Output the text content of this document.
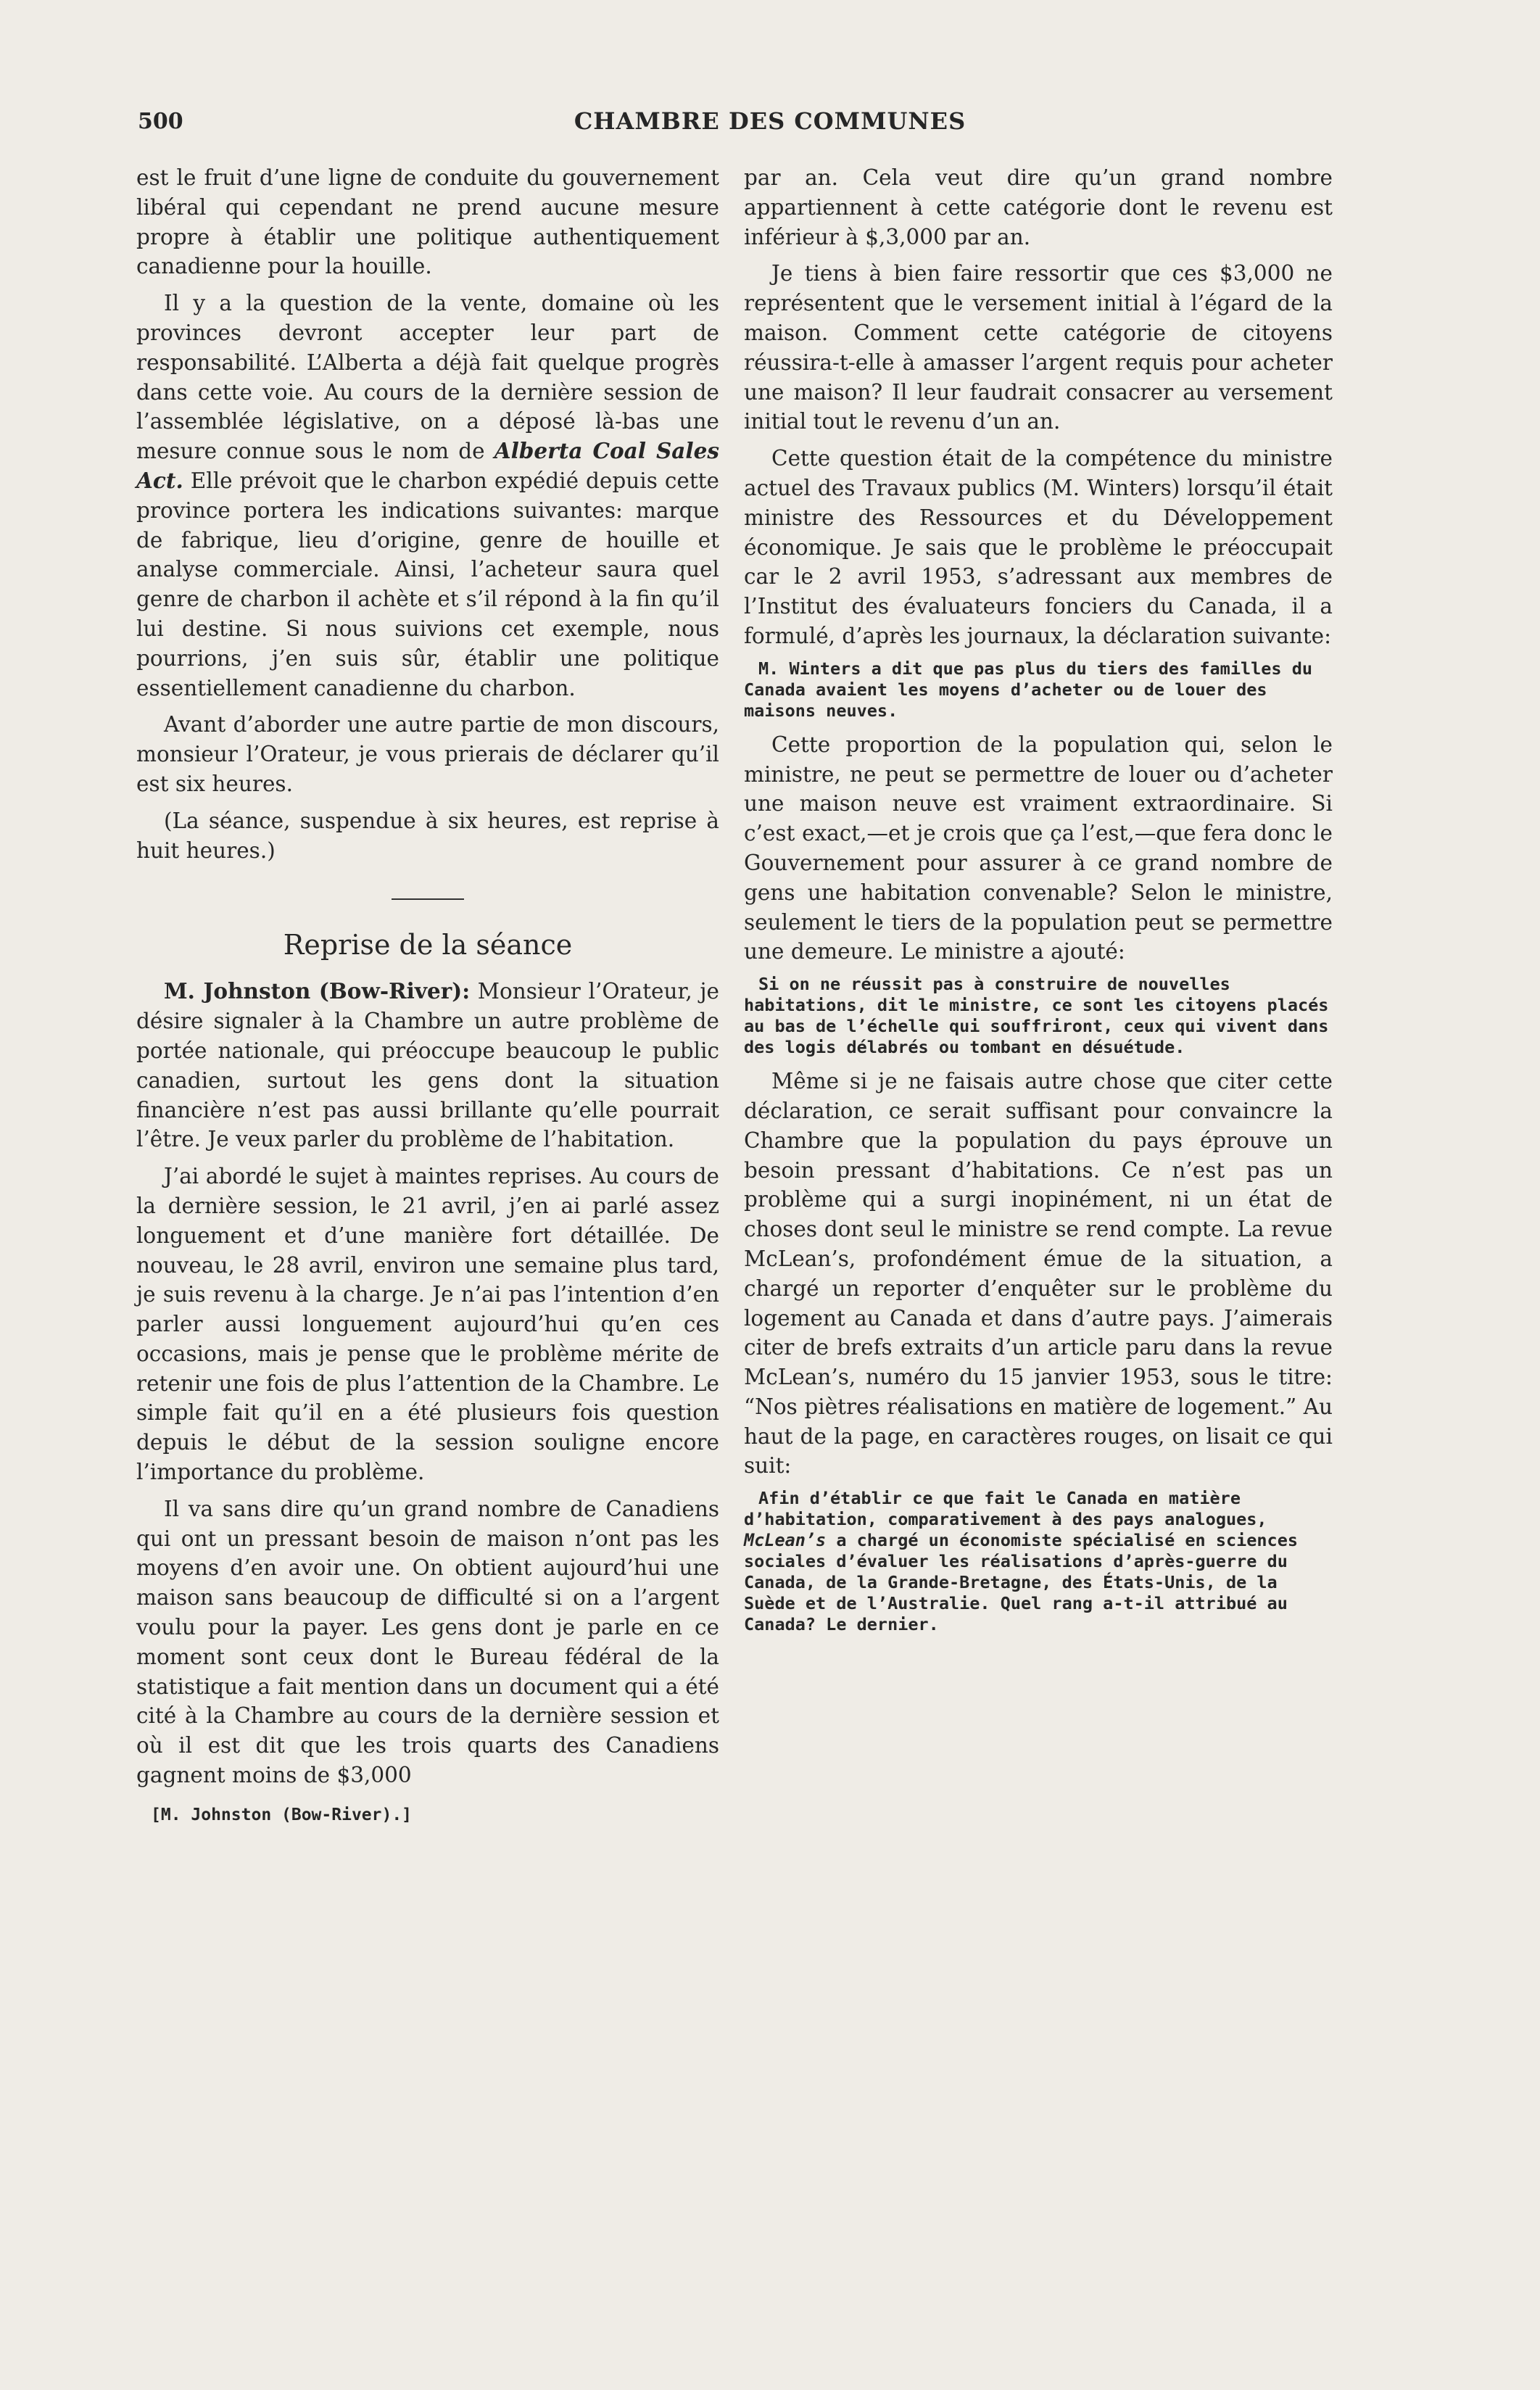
500	CHAMBRE DES COMMUNES

est le fruit d’une ligne de conduite du gouvernement libéral qui cependant ne prend aucune mesure propre à établir une politique authentiquement canadienne pour la houille.

Il y a la question de la vente, domaine où les provinces devront accepter leur part de responsabilité. L’Alberta a déjà fait quelque progrès dans cette voie. Au cours de la dernière session de l’assemblée législative, on a déposé là-bas une mesure connue sous le nom de Alberta Coal Sales Act. Elle prévoit que le charbon expédié depuis cette province portera les indications suivantes: marque de fabrique, lieu d’origine, genre de houille et analyse commerciale. Ainsi, l’acheteur saura quel genre de charbon il achète et s’il répond à la fin qu’il lui destine. Si nous suivions cet exemple, nous pourrions, j’en suis sûr, établir une politique essentiellement canadienne du charbon.

Avant d’aborder une autre partie de mon discours, monsieur l’Orateur, je vous prierais de déclarer qu’il est six heures.

(La séance, suspendue à six heures, est reprise à huit heures.)

Reprise de la séance

M. Johnston (Bow-River): Monsieur l’Orateur, je désire signaler à la Chambre un autre problème de portée nationale, qui préoccupe beaucoup le public canadien, surtout les gens dont la situation financière n’est pas aussi brillante qu’elle pourrait l’être. Je veux parler du problème de l’habitation.

J’ai abordé le sujet à maintes reprises. Au cours de la dernière session, le 21 avril, j’en ai parlé assez longuement et d’une manière fort détaillée. De nouveau, le 28 avril, environ une semaine plus tard, je suis revenu à la charge. Je n’ai pas l’intention d’en parler aussi longuement aujourd’hui qu’en ces occasions, mais je pense que le problème mérite de retenir une fois de plus l’attention de la Chambre. Le simple fait qu’il en a été plusieurs fois question depuis le début de la session souligne encore l’importance du problème.

Il va sans dire qu’un grand nombre de Canadiens qui ont un pressant besoin de maison n’ont pas les moyens d’en avoir une. On obtient aujourd’hui une maison sans beaucoup de difficulté si on a l’argent voulu pour la payer. Les gens dont je parle en ce moment sont ceux dont le Bureau fédéral de la statistique a fait mention dans un document qui a été cité à la Chambre au cours de la dernière session et où il est dit que les trois quarts des Canadiens gagnent moins de $3,000

[M. Johnston (Bow-River).]

par an. Cela veut dire qu’un grand nombre appartiennent à cette catégorie dont le revenu est inférieur à $,3,000 par an.

Je tiens à bien faire ressortir que ces $3,000 ne représentent que le versement initial à l’égard de la maison. Comment cette catégorie de citoyens réussira-t-elle à amasser l’argent requis pour acheter une maison? Il leur faudrait consacrer au versement initial tout le revenu d’un an.

Cette question était de la compétence du ministre actuel des Travaux publics (M. Winters) lorsqu’il était ministre des Ressources et du Développement économique. Je sais que le problème le préoccupait car le 2 avril 1953, s’adressant aux membres de l’Institut des évaluateurs fonciers du Canada, il a formulé, d’après les journaux, la déclaration suivante:

M. Winters a dit que pas plus du tiers des familles du Canada avaient les moyens d’acheter ou de louer des maisons neuves.

Cette proportion de la population qui, selon le ministre, ne peut se permettre de louer ou d’acheter une maison neuve est vraiment extraordinaire. Si c’est exact,—et je crois que ça l’est,—que fera donc le Gouvernement pour assurer à ce grand nombre de gens une habitation convenable? Selon le ministre, seulement le tiers de la population peut se permettre une demeure. Le ministre a ajouté:

Si on ne réussit pas à construire de nouvelles habitations, dit le ministre, ce sont les citoyens placés au bas de l’échelle qui souffriront, ceux qui vivent dans des logis délabrés ou tombant en désuétude.

Même si je ne faisais autre chose que citer cette déclaration, ce serait suffisant pour convaincre la Chambre que la population du pays éprouve un besoin pressant d’habitations. Ce n’est pas un problème qui a surgi inopinément, ni un état de choses dont seul le ministre se rend compte. La revue McLean’s, profondément émue de la situation, a chargé un reporter d’enquêter sur le problème du logement au Canada et dans d’autre pays. J’aimerais citer de brefs extraits d’un article paru dans la revue McLean’s, numéro du 15 janvier 1953, sous le titre: “Nos piètres réalisations en matière de logement.” Au haut de la page, en caractères rouges, on lisait ce qui suit:

Afin d’établir ce que fait le Canada en matière d’habitation, comparativement à des pays analogues, McLean’s a chargé un économiste spécialisé en sciences sociales d’évaluer les réalisations d’après-guerre du Canada, de la Grande-Bretagne, des États-Unis, de la Suède et de l’Australie. Quel rang a-t-il attribué au Canada? Le dernier.
